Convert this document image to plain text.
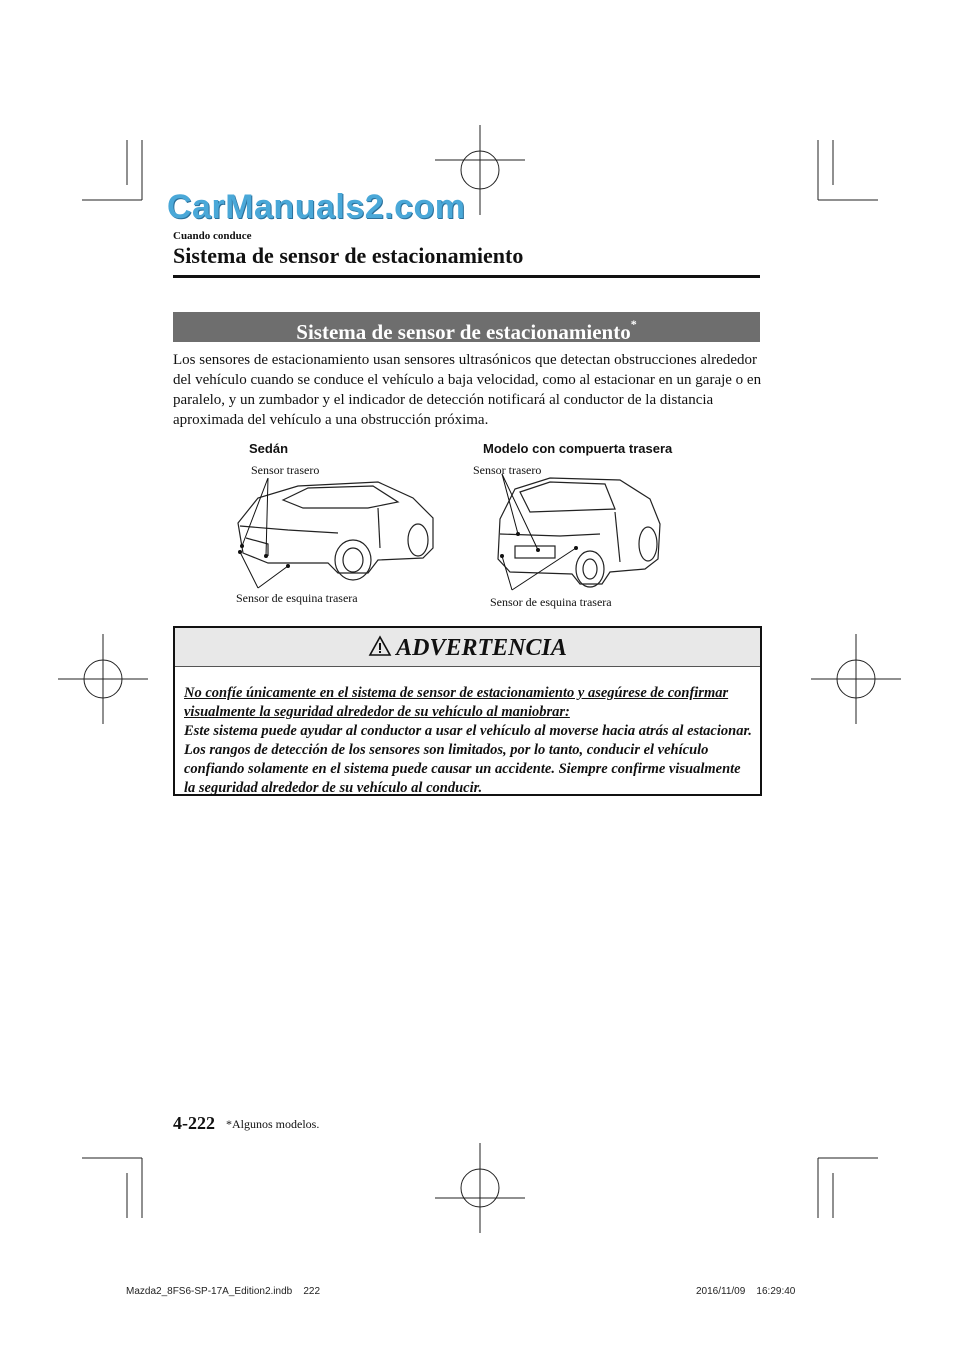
CarManuals2.com
Cuando conduce
Sistema de sensor de estacionamiento
Sistema de sensor de estacionamiento*
Los sensores de estacionamiento usan sensores ultrasónicos que detectan obstrucciones alrededor del vehículo cuando se conduce el vehículo a baja velocidad, como al estacionar en un garaje o en paralelo, y un zumbador y el indicador de detección notificará al conductor de la distancia aproximada del vehículo a una obstrucción próxima.
Sedán
Sensor trasero
Sensor de esquina trasera
Modelo con compuerta trasera
Sensor trasero
Sensor de esquina trasera
ADVERTENCIA
No confíe únicamente en el sistema de sensor de estacionamiento y asegúrese de confirmar visualmente la seguridad alrededor de su vehículo al maniobrar:
Este sistema puede ayudar al conductor a usar el vehículo al moverse hacia atrás al estacionar. Los rangos de detección de los sensores son limitados, por lo tanto, conducir el vehículo confiando solamente en el sistema puede causar un accidente. Siempre confirme visualmente la seguridad alrededor de su vehículo al conducir.
4-222 *Algunos modelos.
Mazda2_8FS6-SP-17A_Edition2.indb    222	2016/11/09    16:29:40
